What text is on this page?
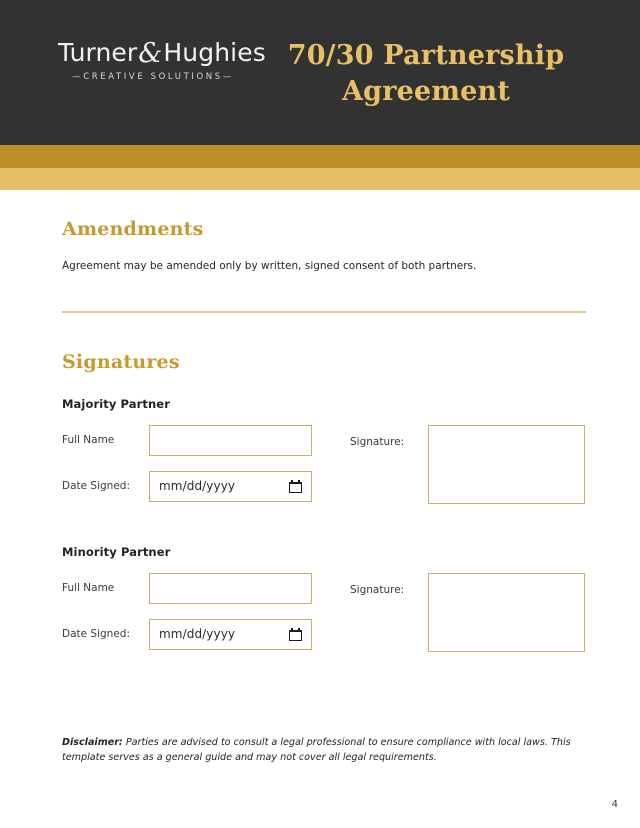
Turner&Hughies
—CREATIVE SOLUTIONS—
70/30 Partnership
Agreement
Amendments

Agreement may be amended only by written, signed consent of both partners.

Signatures
Majority Partner
Full Name
Date Signed:	mm/dd/yyyy
Signature:
Minority Partner
Full Name
Date Signed:	mm/dd/yyyy
Signature:
Disclaimer: Parties are advised to consult a legal professional to ensure compliance with local laws. This template serves as a general guide and may not cover all legal requirements.
4
